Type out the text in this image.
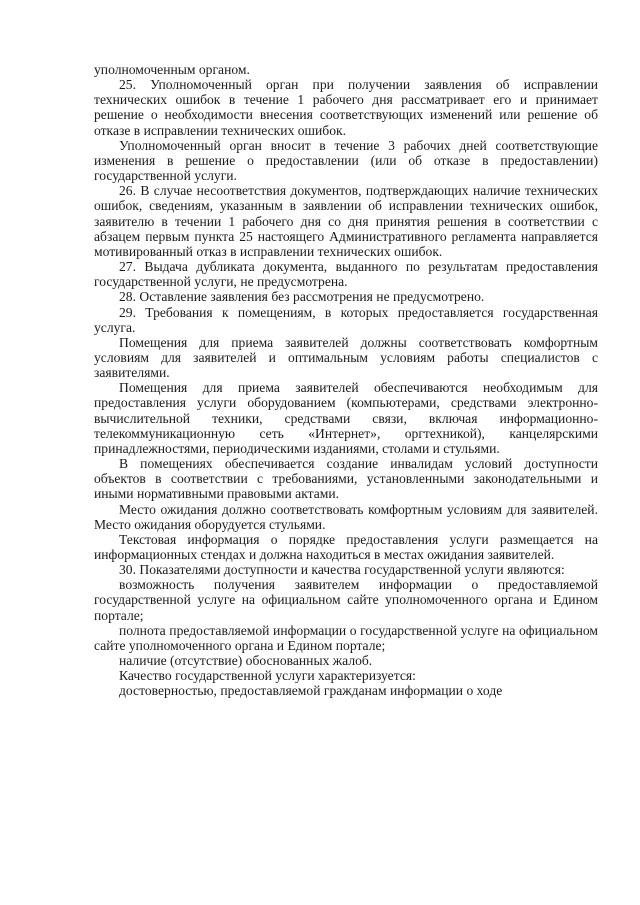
уполномоченным органом.

25. Уполномоченный орган при получении заявления об исправлении технических ошибок в течение 1 рабочего дня рассматривает его и принимает решение о необходимости внесения соответствующих изменений или решение об отказе в исправлении технических ошибок.

Уполномоченный орган вносит в течение 3 рабочих дней соответствующие изменения в решение о предоставлении (или об отказе в предоставлении) государственной услуги.

26. В случае несоответствия документов, подтверждающих наличие технических ошибок, сведениям, указанным в заявлении об исправлении технических ошибок, заявителю в течении 1 рабочего дня со дня принятия решения в соответствии с абзацем первым пункта 25 настоящего Административного регламента направляется мотивированный отказ в исправлении технических ошибок.

27. Выдача дубликата документа, выданного по результатам предоставления государственной услуги, не предусмотрена.

28. Оставление заявления без рассмотрения не предусмотрено.

29. Требования к помещениям, в которых предоставляется государственная услуга.

Помещения для приема заявителей должны соответствовать комфортным условиям для заявителей и оптимальным условиям работы специалистов с заявителями.

Помещения для приема заявителей обеспечиваются необходимым для предоставления услуги оборудованием (компьютерами, средствами электронно-вычислительной техники, средствами связи, включая информационно-телекоммуникационную сеть «Интернет», оргтехникой), канцелярскими принадлежностями, периодическими изданиями, столами и стульями.

В помещениях обеспечивается создание инвалидам условий доступности объектов в соответствии с требованиями, установленными законодательными и иными нормативными правовыми актами.

Место ожидания должно соответствовать комфортным условиям для заявителей. Место ожидания оборудуется стульями.

Текстовая информация о порядке предоставления услуги размещается на информационных стендах и должна находиться в местах ожидания заявителей.

30. Показателями доступности и качества государственной услуги являются:

возможность получения заявителем информации о предоставляемой государственной услуге на официальном сайте уполномоченного органа и Едином портале;

полнота предоставляемой информации о государственной услуге на официальном сайте уполномоченного органа и Едином портале;

наличие (отсутствие) обоснованных жалоб.

Качество государственной услуги характеризуется:

достоверностью, предоставляемой гражданам информации о ходе
